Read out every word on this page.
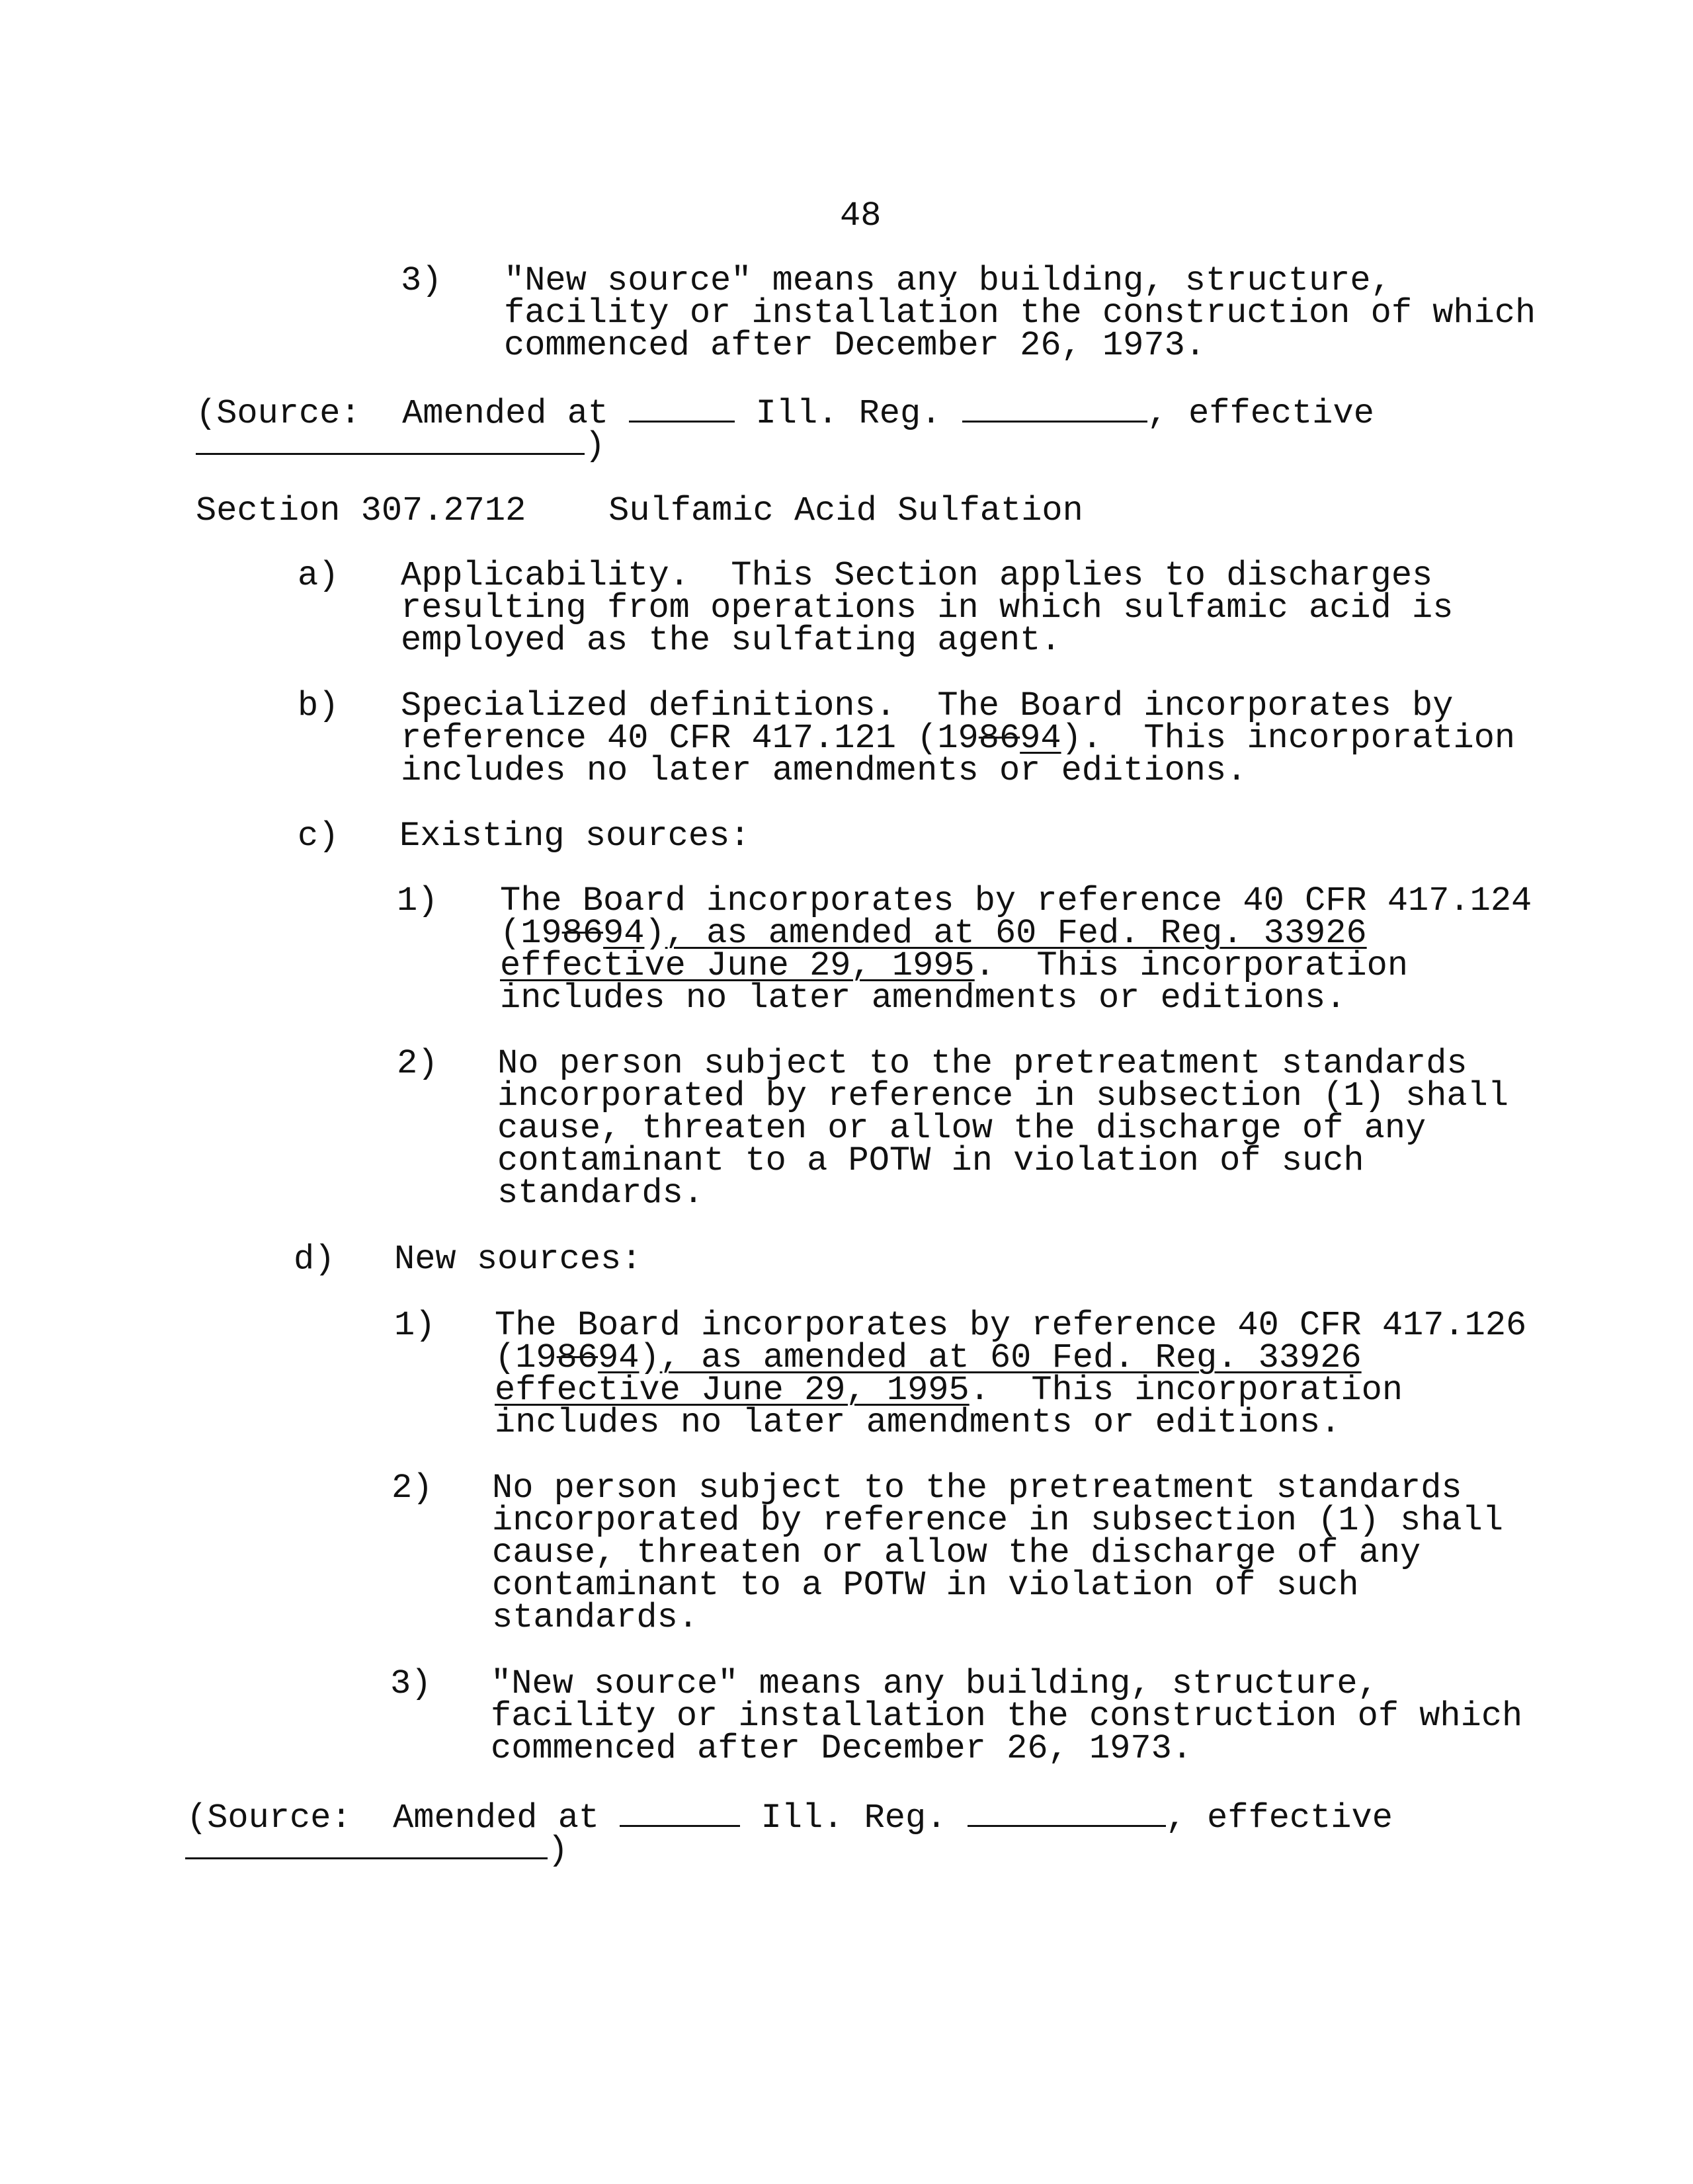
48
3) "New source" means any building, structure,
facility or installation the construction of which
commenced after December 26, 1973.
(Source: Amended at	Ill. Reg.	, effective
)
Section 307.2712 Sulfamic Acid Sulfation
a) Applicability.  This Section applies to discharges
resulting from operations in which sulfamic acid is
employed as the sulfating agent.
b) Specialized definitions.  The Board incorporates by
reference 40 CFR 417.121 (198694).  This incorporation
includes no later amendments or editions.
c) Existing sources:
1) The Board incorporates by reference 40 CFR 417.124
(198694), as amended at 60 Fed. Reg. 33926
effective June 29, 1995.  This incorporation
includes no later amendments or editions.
2) No person subject to the pretreatment standards
incorporated by reference in subsection (1) shall
cause, threaten or allow the discharge of any
contaminant to a POTW in violation of such
standards.
d) New sources:
1) The Board incorporates by reference 40 CFR 417.126
(198694), as amended at 60 Fed. Reg. 33926
effective June 29, 1995.  This incorporation
includes no later amendments or editions.
2) No person subject to the pretreatment standards
incorporated by reference in subsection (1) shall
cause, threaten or allow the discharge of any
contaminant to a POTW in violation of such
standards.
3) "New source" means any building, structure,
facility or installation the construction of which
commenced after December 26, 1973.
(Source: Amended at	Ill. Reg.	, effective
)
